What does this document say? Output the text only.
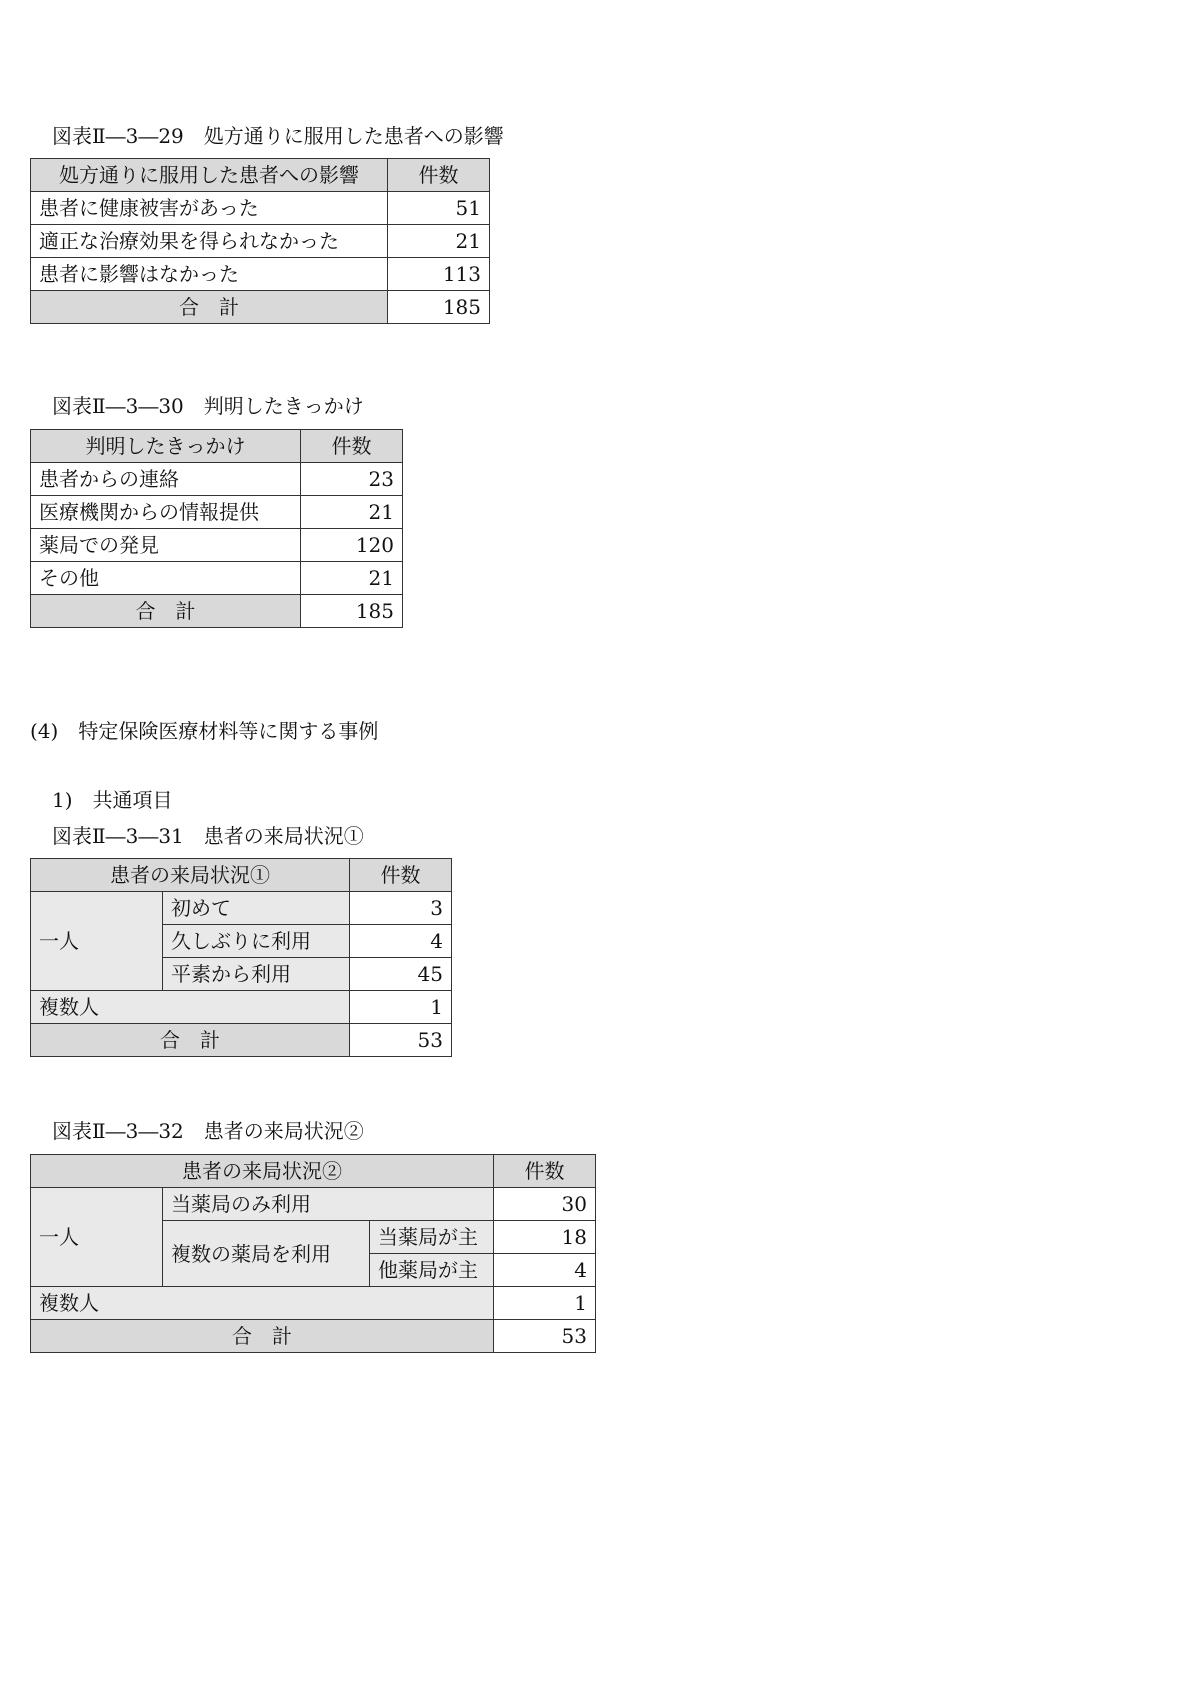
図表Ⅱ―3―29　処方通りに服用した患者への影響
処方通りに服用した患者への影響	件数
患者に健康被害があった	51
適正な治療効果を得られなかった	21
患者に影響はなかった	113
合　計	185
図表Ⅱ―3―30　判明したきっかけ
判明したきっかけ	件数
患者からの連絡	23
医療機関からの情報提供	21
薬局での発見	120
その他	21
合　計	185
(4)　特定保険医療材料等に関する事例
1)　共通項目
図表Ⅱ―3―31　患者の来局状況①
患者の来局状況①		件数
一人	初めて	3
	久しぶりに利用	4
	平素から利用	45
複数人		1
合　計		53
図表Ⅱ―3―32　患者の来局状況②
患者の来局状況②			件数
一人	当薬局のみ利用		30
	複数の薬局を利用	当薬局が主	18
		他薬局が主	4
複数人			1
合　計			53
